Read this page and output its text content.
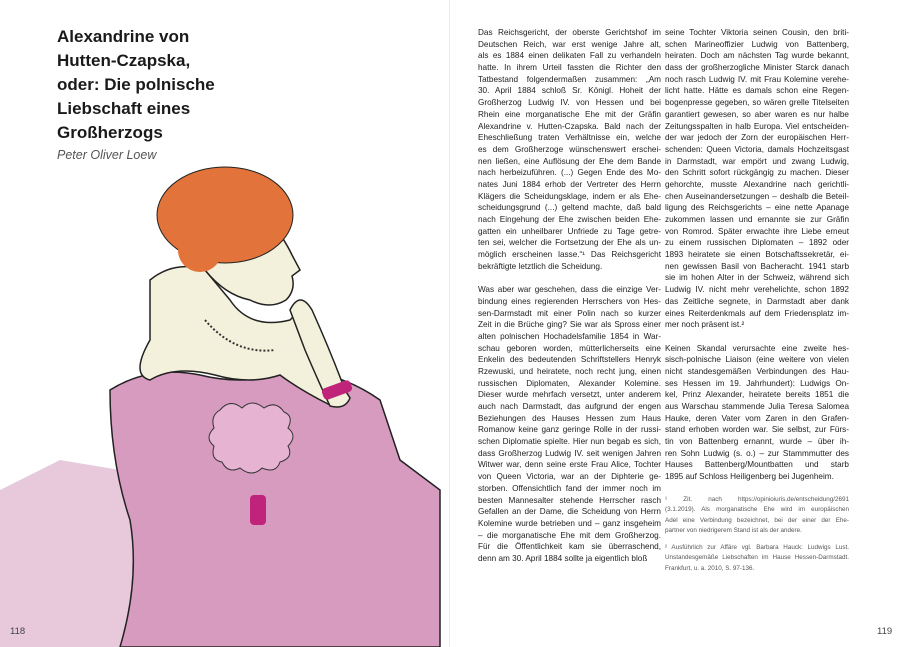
Alexandrine von
Hutten-Czapska,
oder: Die polnische
Liebschaft eines
Großherzogs
Peter Oliver Loew
118
Das Reichsgericht, der oberste Gerichtshof im
Deutschen Reich, war erst wenige Jahre alt,
als es 1884 einen delikaten Fall zu verhandeln
hatte. In ihrem Urteil fassten die Richter den
Tatbestand folgendermaßen zusammen: „Am
30. April 1884 schloß Sr. Königl. Hoheit der
Großherzog Ludwig IV. von Hessen und bei
Rhein eine morganatische Ehe mit der Gräfin
Alexandrine v. Hutten-Czapska. Bald nach der
Eheschließung traten Verhältnisse ein, welche
es dem Großherzoge wünschenswert erschei-
nen ließen, eine Auflösung der Ehe dem Bande
nach herbeizuführen. (...) Gegen Ende des Mo-
nates Juni 1884 erhob der Vertreter des Herrn
Klägers die Scheidungsklage, indem er als Ehe-
scheidungsgrund (...) geltend machte, daß bald
nach Eingehung der Ehe zwischen beiden Ehe-
gatten ein unheilbarer Unfriede zu Tage getre-
ten sei, welcher die Fortsetzung der Ehe als un-
möglich erscheinen lasse.“¹ Das Reichsgericht
bekräftigte letztlich die Scheidung.
Was aber war geschehen, dass die einzige Ver-
bindung eines regierenden Herrschers von Hes-
sen-Darmstadt mit einer Polin nach so kurzer
Zeit in die Brüche ging? Sie war als Spross einer
alten polnischen Hochadelsfamilie 1854 in War-
schau geboren worden, mütterlicherseits eine
Enkelin des bedeutenden Schriftstellers Henryk
Rzewuski, und heiratete, noch recht jung, einen
russischen Diplomaten, Alexander Kolemine.
Dieser wurde mehrfach versetzt, unter anderem
auch nach Darmstadt, das aufgrund der engen
Beziehungen des Hauses Hessen zum Haus
Romanow keine ganz geringe Rolle in der russi-
schen Diplomatie spielte. Hier nun begab es sich,
dass Großherzog Ludwig IV. seit wenigen Jahren
Witwer war, denn seine erste Frau Alice, Tochter
von Queen Victoria, war an der Diphterie ge-
storben. Offensichtlich fand der immer noch im
besten Mannesalter stehende Herrscher rasch
Gefallen an der Dame, die Scheidung von Herrn
Kolemine wurde betrieben und – ganz insgeheim
– die morganatische Ehe mit dem Großherzog.
Für die Öffentlichkeit kam sie überraschend,
denn am 30. April 1884 sollte ja eigentlich bloß
seine Tochter Viktoria seinen Cousin, den briti-
schen Marineoffizier Ludwig von Battenberg,
heiraten. Doch am nächsten Tag wurde bekannt,
dass der großherzogliche Minister Starck danach
noch rasch Ludwig IV. mit Frau Kolemine verehe-
licht hatte. Hätte es damals schon eine Regen-
bogenpresse gegeben, so wären grelle Titelseiten
garantiert gewesen, so aber waren es nur halbe
Zeitungsspalten in halb Europa. Viel entscheiden-
der war jedoch der Zorn der europäischen Herr-
schenden: Queen Victoria, damals Hochzeitsgast
in Darmstadt, war empört und zwang Ludwig,
den Schritt sofort rückgängig zu machen. Dieser
gehorchte, musste Alexandrine nach gerichtli-
chen Auseinandersetzungen – deshalb die Beteil-
ligung des Reichsgerichts – eine nette Apanage
zukommen lassen und ernannte sie zur Gräfin
von Romrod. Später erwachte ihre Liebe erneut
zu einem russischen Diplomaten – 1892 oder
1893 heiratete sie einen Botschaftssekretär, ei-
nen gewissen Basil von Bacheracht. 1941 starb
sie im hohen Alter in der Schweiz, während sich
Ludwig IV. nicht mehr verehelichte, schon 1892
das Zeitliche segnete, in Darmstadt aber dank
eines Reiterdenkmals auf dem Friedensplatz im-
mer noch präsent ist.²
Keinen Skandal verursachte eine zweite hes-
sisch-polnische Liaison (eine weitere von vielen
nicht standesgemäßen Verbindungen des Hau-
ses Hessen im 19. Jahrhundert): Ludwigs On-
kel, Prinz Alexander, heiratete bereits 1851 die
aus Warschau stammende Julia Teresa Salomea
Hauke, deren Vater vom Zaren in den Grafen-
stand erhoben worden war. Sie selbst, zur Fürs-
tin von Battenberg ernannt, wurde – über ih-
ren Sohn Ludwig (s. o.) – zur Stammmutter des
Hauses Battenberg/Mountbatten und starb
1895 auf Schloss Heiligenberg bei Jugenheim.
¹ Zit. nach https://opinioiuris.de/entscheidung/2691
(3.1.2019). Als morganatische Ehe wird im europäischen
Adel eine Verbindung bezeichnet, bei der einer der Ehe-
partner von niedrigerem Stand ist als der andere.
² Ausführlich zur Affäre vgl. Barbara Hauck: Ludwigs Lust.
Unstandesgemäße Liebschaften im Hause Hessen-Darmstadt.
Frankfurt, u. a. 2010, S. 97-136.
119
